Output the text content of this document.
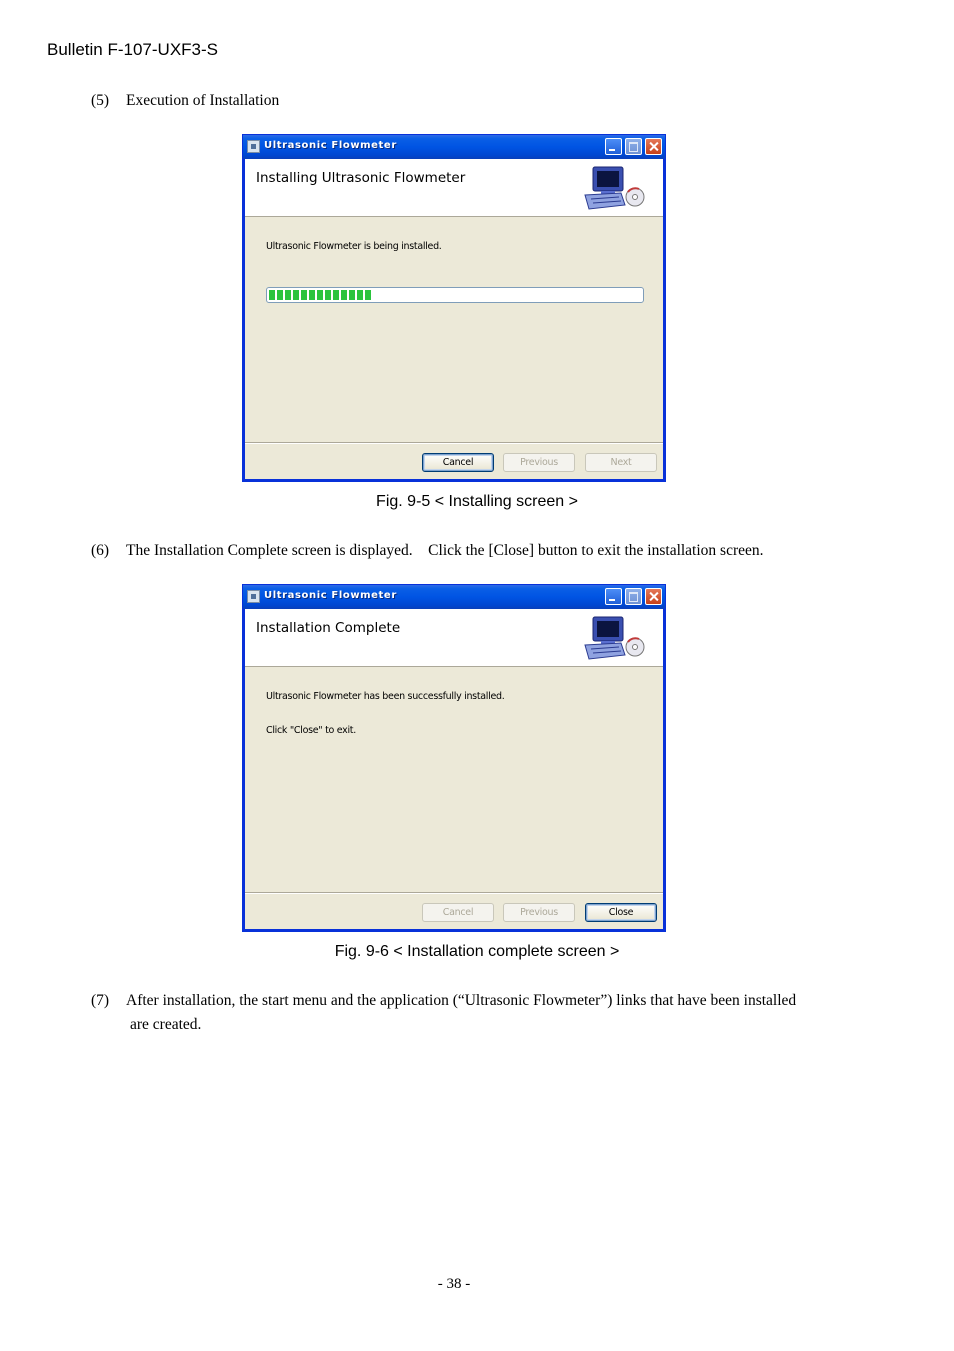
Bulletin F-107-UXF3-S
(5) Execution of Installation
Ultrasonic Flowmeter
Installing Ultrasonic Flowmeter
Ultrasonic Flowmeter is being installed.
Cancel	Previous	Next
Fig. 9-5 < Installing screen >
(6) The Installation Complete screen is displayed.　Click the [Close] button to exit the installation screen.
Ultrasonic Flowmeter
Installation Complete
Ultrasonic Flowmeter has been successfully installed.
Click "Close" to exit.
Cancel	Previous	Close
Fig. 9-6 < Installation complete screen >
(7) After installation, the start menu and the application (“Ultrasonic Flowmeter”) links that have been installed
are created.
- 38 -
